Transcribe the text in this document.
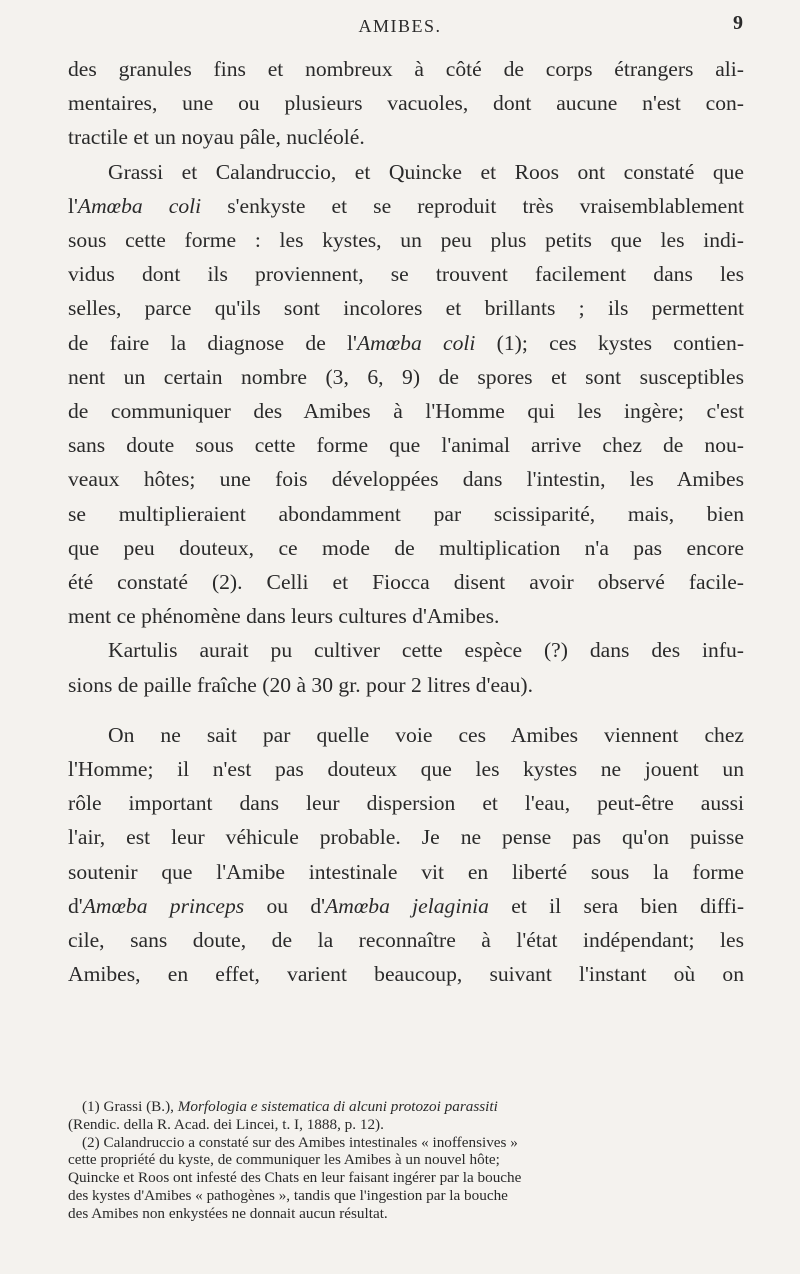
AMIBES.	9

des granules fins et nombreux à côté de corps étrangers ali-
mentaires, une ou plusieurs vacuoles, dont aucune n'est con-
tractile et un noyau pâle, nucléolé.

Grassi et Calandruccio, et Quincke et Roos ont constaté que
l'Amœba coli s'enkyste et se reproduit très vraisemblablement
sous cette forme : les kystes, un peu plus petits que les indi-
vidus dont ils proviennent, se trouvent facilement dans les
selles, parce qu'ils sont incolores et brillants ; ils permettent
de faire la diagnose de l'Amœba coli (1); ces kystes contien-
nent un certain nombre (3, 6, 9) de spores et sont susceptibles
de communiquer des Amibes à l'Homme qui les ingère; c'est
sans doute sous cette forme que l'animal arrive chez de nou-
veaux hôtes; une fois développées dans l'intestin, les Amibes
se multiplieraient abondamment par scissiparité, mais, bien
que peu douteux, ce mode de multiplication n'a pas encore
été constaté (2). Celli et Fiocca disent avoir observé facile-
ment ce phénomène dans leurs cultures d'Amibes.

Kartulis aurait pu cultiver cette espèce (?) dans des infu-
sions de paille fraîche (20 à 30 gr. pour 2 litres d'eau).

On ne sait par quelle voie ces Amibes viennent chez
l'Homme; il n'est pas douteux que les kystes ne jouent un
rôle important dans leur dispersion et l'eau, peut-être aussi
l'air, est leur véhicule probable. Je ne pense pas qu'on puisse
soutenir que l'Amibe intestinale vit en liberté sous la forme
d'Amœba princeps ou d'Amœba jelaginia et il sera bien diffi-
cile, sans doute, de la reconnaître à l'état indépendant; les
Amibes, en effet, varient beaucoup, suivant l'instant où on

(1) Grassi (B.), Morfologia e sistematica di alcuni protozoi parassiti
(Rendic. della R. Acad. dei Lincei, t. I, 1888, p. 12).
(2) Calandruccio a constaté sur des Amibes intestinales « inoffensives »
cette propriété du kyste, de communiquer les Amibes à un nouvel hôte;
Quincke et Roos ont infesté des Chats en leur faisant ingérer par la bouche
des kystes d'Amibes « pathogènes », tandis que l'ingestion par la bouche
des Amibes non enkystées ne donnait aucun résultat.
